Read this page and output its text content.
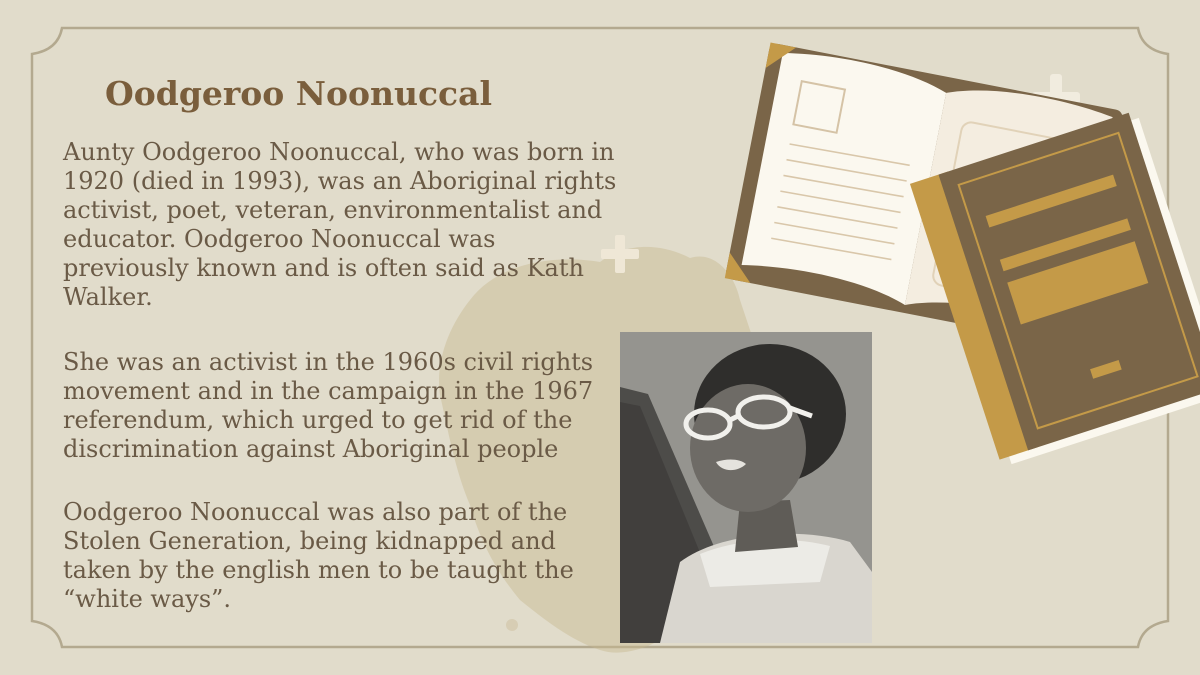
Oodgeroo Noonuccal

Aunty Oodgeroo Noonuccal, who was born in 1920 (died in 1993), was an Aboriginal rights activist, poet, veteran, environmentalist and educator. Oodgeroo Noonuccal was previously known and is often said as Kath Walker.

She was an activist in the 1960s civil rights movement and in the campaign in the 1967 referendum, which urged to get rid of the discrimination against Aboriginal people

Oodgeroo Noonuccal was also part of the Stolen Generation, being kidnapped and taken by the english men to be taught the “white ways”.
